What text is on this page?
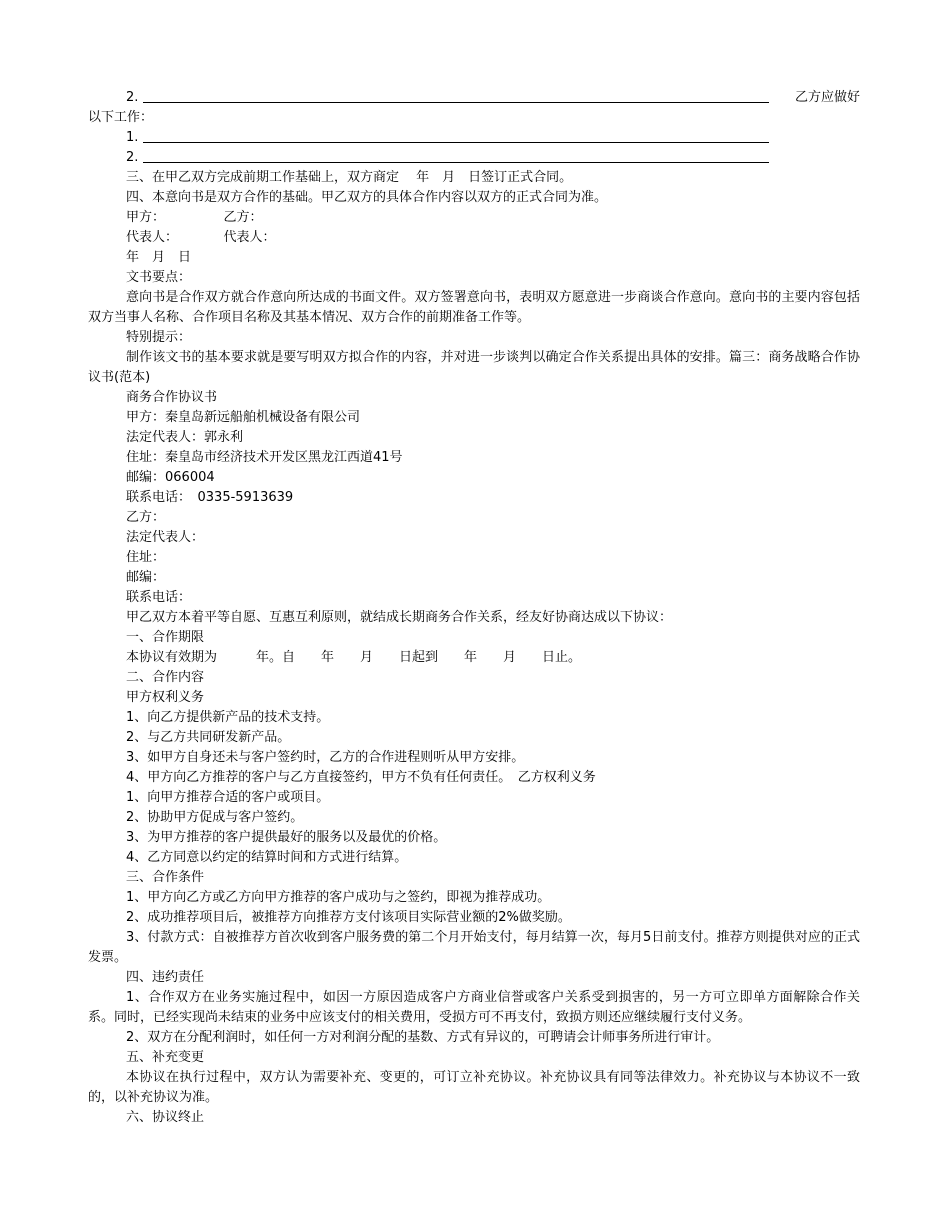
2.	乙方应做好

以下工作：

1.
2.

三、在甲乙双方完成前期工作基础上，双方商定　 年　月　日签订正式合同。

四、本意向书是双方合作的基础。甲乙双方的具体合作内容以双方的正式合同为准。

甲方：　　　　　乙方：

代表人：　　　　代表人：

年　月　日

文书要点：

意向书是合作双方就合作意向所达成的书面文件。双方签署意向书，表明双方愿意进一步商谈合作意向。意向书的主要内容包括双方当事人名称、合作项目名称及其基本情况、双方合作的前期准备工作等。

特别提示：

制作该文书的基本要求就是要写明双方拟合作的内容，并对进一步谈判以确定合作关系提出具体的安排。篇三：商务战略合作协议书(范本)

商务合作协议书

甲方：秦皇岛新远船舶机械设备有限公司

法定代表人：郭永利

住址：秦皇岛市经济技术开发区黑龙江西道41号

邮编：066004

联系电话：　0335-5913639

乙方：

法定代表人：

住址：

邮编：

联系电话：

甲乙双方本着平等自愿、互惠互利原则，就结成长期商务合作关系，经友好协商达成以下协议：

一、合作期限

本协议有效期为　　　年。自　　年　　月　　日起到　　年　　月　　日止。

二、合作内容

甲方权利义务

1、向乙方提供新产品的技术支持。

2、与乙方共同研发新产品。

3、如甲方自身还未与客户签约时，乙方的合作进程则听从甲方安排。

4、甲方向乙方推荐的客户与乙方直接签约，甲方不负有任何责任。　乙方权利义务

1、向甲方推荐合适的客户或项目。

2、协助甲方促成与客户签约。

3、为甲方推荐的客户提供最好的服务以及最优的价格。

4、乙方同意以约定的结算时间和方式进行结算。

三、合作条件

1、甲方向乙方或乙方向甲方推荐的客户成功与之签约，即视为推荐成功。

2、成功推荐项目后，被推荐方向推荐方支付该项目实际营业额的2%做奖励。

3、付款方式：自被推荐方首次收到客户服务费的第二个月开始支付，每月结算一次，每月5日前支付。推荐方则提供对应的正式发票。

四、违约责任

1、合作双方在业务实施过程中，如因一方原因造成客户方商业信誉或客户关系受到损害的，另一方可立即单方面解除合作关系。同时，已经实现尚未结束的业务中应该支付的相关费用，受损方可不再支付，致损方则还应继续履行支付义务。

2、双方在分配利润时，如任何一方对利润分配的基数、方式有异议的，可聘请会计师事务所进行审计。

五、补充变更

本协议在执行过程中，双方认为需要补充、变更的，可订立补充协议。补充协议具有同等法律效力。补充协议与本协议不一致的，以补充协议为准。

六、协议终止
